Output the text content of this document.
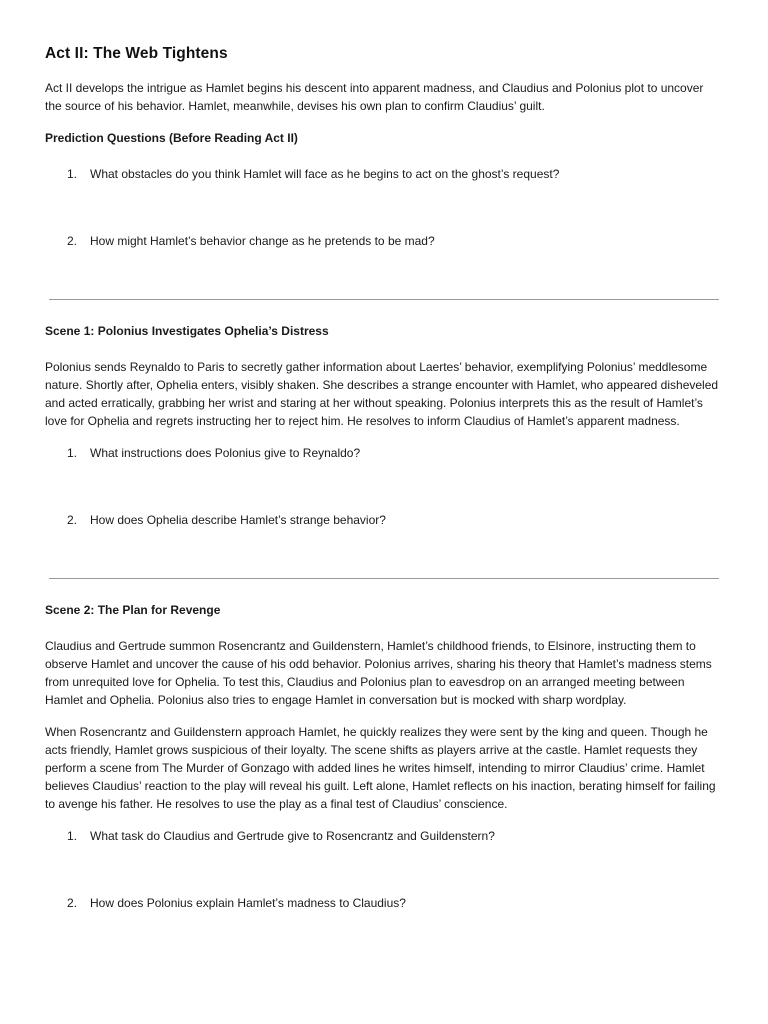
Act II: The Web Tightens

Act II develops the intrigue as Hamlet begins his descent into apparent madness, and Claudius and Polonius plot to uncover the source of his behavior. Hamlet, meanwhile, devises his own plan to confirm Claudius’ guilt.

Prediction Questions (Before Reading Act II)

1. What obstacles do you think Hamlet will face as he begins to act on the ghost’s request?
2. How might Hamlet’s behavior change as he pretends to be mad?

Scene 1: Polonius Investigates Ophelia’s Distress

Polonius sends Reynaldo to Paris to secretly gather information about Laertes’ behavior, exemplifying Polonius’ meddlesome nature. Shortly after, Ophelia enters, visibly shaken. She describes a strange encounter with Hamlet, who appeared disheveled and acted erratically, grabbing her wrist and staring at her without speaking. Polonius interprets this as the result of Hamlet’s love for Ophelia and regrets instructing her to reject him. He resolves to inform Claudius of Hamlet’s apparent madness.

1. What instructions does Polonius give to Reynaldo?
2. How does Ophelia describe Hamlet’s strange behavior?

Scene 2: The Plan for Revenge

Claudius and Gertrude summon Rosencrantz and Guildenstern, Hamlet’s childhood friends, to Elsinore, instructing them to observe Hamlet and uncover the cause of his odd behavior. Polonius arrives, sharing his theory that Hamlet’s madness stems from unrequited love for Ophelia. To test this, Claudius and Polonius plan to eavesdrop on an arranged meeting between Hamlet and Ophelia. Polonius also tries to engage Hamlet in conversation but is mocked with sharp wordplay.

When Rosencrantz and Guildenstern approach Hamlet, he quickly realizes they were sent by the king and queen. Though he acts friendly, Hamlet grows suspicious of their loyalty. The scene shifts as players arrive at the castle. Hamlet requests they perform a scene from The Murder of Gonzago with added lines he writes himself, intending to mirror Claudius’ crime. Hamlet believes Claudius’ reaction to the play will reveal his guilt. Left alone, Hamlet reflects on his inaction, berating himself for failing to avenge his father. He resolves to use the play as a final test of Claudius’ conscience.

1. What task do Claudius and Gertrude give to Rosencrantz and Guildenstern?
2. How does Polonius explain Hamlet’s madness to Claudius?
